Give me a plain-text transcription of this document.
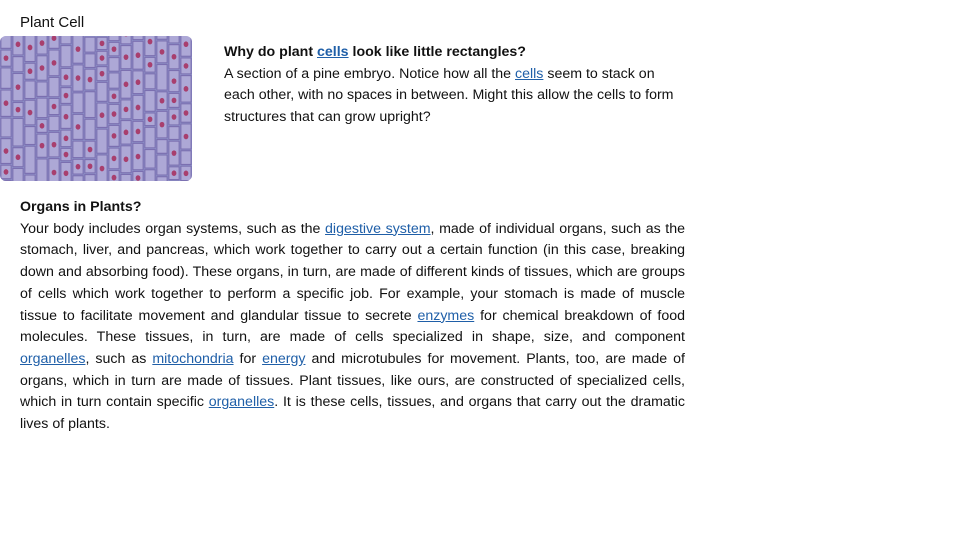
Plant Cell
Why do plant cells look like little rectangles?
A section of a pine embryo. Notice how all the cells seem to stack on each other, with no spaces in between. Might this allow the cells to form structures that can grow upright?
Organs in Plants?
Your body includes organ systems, such as the digestive system, made of individual organs, such as the stomach, liver, and pancreas, which work together to carry out a certain function (in this case, breaking down and absorbing food). These organs, in turn, are made of different kinds of tissues, which are groups of cells which work together to perform a specific job. For example, your stomach is made of muscle tissue to facilitate movement and glandular tissue to secrete enzymes for chemical breakdown of food molecules. These tissues, in turn, are made of cells specialized in shape, size, and component organelles, such as mitochondria for energy and microtubules for movement. Plants, too, are made of organs, which in turn are made of tissues. Plant tissues, like ours, are constructed of specialized cells, which in turn contain specific organelles. It is these cells, tissues, and organs that carry out the dramatic lives of plants.
